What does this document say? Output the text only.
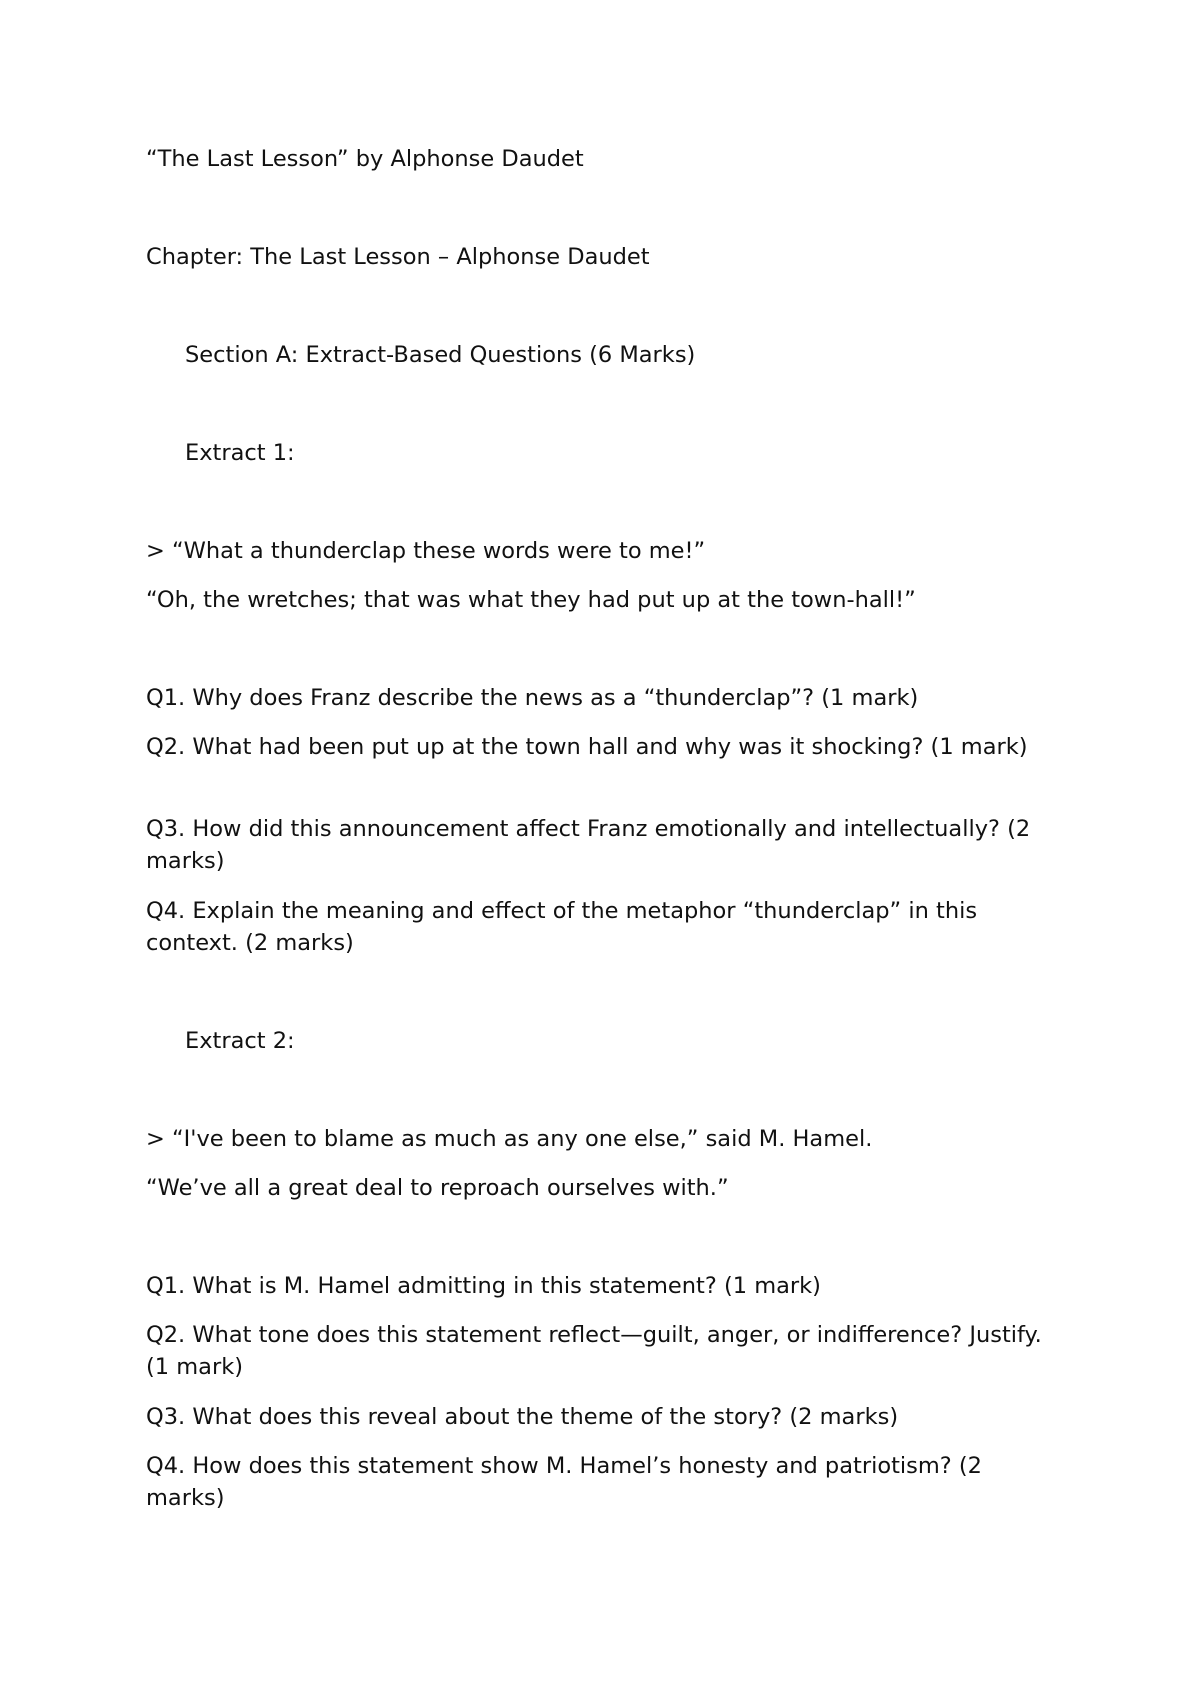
“The Last Lesson” by Alphonse Daudet

Chapter: The Last Lesson – Alphonse Daudet

Section A: Extract-Based Questions (6 Marks)

Extract 1:

> “What a thunderclap these words were to me!”

“Oh, the wretches; that was what they had put up at the town-hall!”

Q1. Why does Franz describe the news as a “thunderclap”? (1 mark)

Q2. What had been put up at the town hall and why was it shocking? (1 mark)

Q3. How did this announcement affect Franz emotionally and intellectually? (2 marks)

Q4. Explain the meaning and effect of the metaphor “thunderclap” in this context. (2 marks)

Extract 2:

> “I've been to blame as much as any one else,” said M. Hamel.

“We’ve all a great deal to reproach ourselves with.”

Q1. What is M. Hamel admitting in this statement? (1 mark)

Q2. What tone does this statement reflect—guilt, anger, or indifference? Justify. (1 mark)

Q3. What does this reveal about the theme of the story? (2 marks)

Q4. How does this statement show M. Hamel’s honesty and patriotism? (2 marks)
